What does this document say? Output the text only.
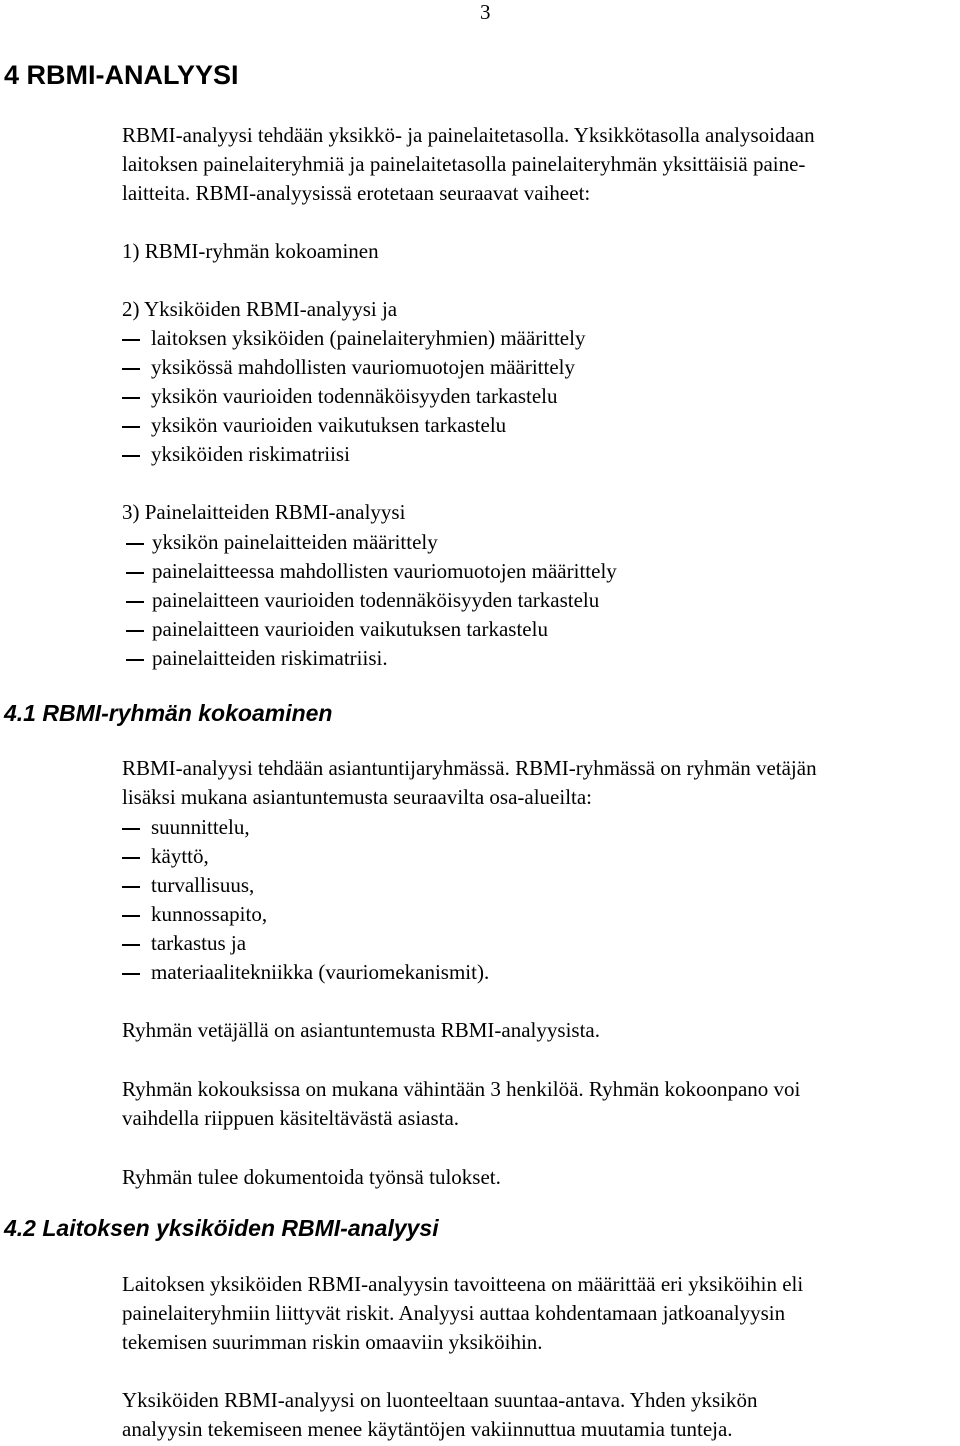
3
4 RBMI-ANALYYSI
RBMI-analyysi tehdään yksikkö- ja painelaitetasolla. Yksikkötasolla analysoidaan
laitoksen painelaiteryhmiä ja painelaitetasolla painelaiteryhmän yksittäisiä paine-
laitteita. RBMI-analyysissä erotetaan seuraavat vaiheet:
1) RBMI-ryhmän kokoaminen
2) Yksiköiden RBMI-analyysi ja
laitoksen yksiköiden (painelaiteryhmien) määrittely
yksikössä mahdollisten vauriomuotojen määrittely
yksikön vaurioiden todennäköisyyden tarkastelu
yksikön vaurioiden vaikutuksen tarkastelu
yksiköiden riskimatriisi
3) Painelaitteiden RBMI-analyysi
yksikön painelaitteiden määrittely
painelaitteessa mahdollisten vauriomuotojen määrittely
painelaitteen vaurioiden todennäköisyyden tarkastelu
painelaitteen vaurioiden vaikutuksen tarkastelu
painelaitteiden riskimatriisi.
4.1 RBMI-ryhmän kokoaminen
RBMI-analyysi tehdään asiantuntijaryhmässä. RBMI-ryhmässä on ryhmän vetäjän
lisäksi mukana asiantuntemusta seuraavilta osa-alueilta:
suunnittelu,
käyttö,
turvallisuus,
kunnossapito,
tarkastus ja
materiaalitekniikka (vauriomekanismit).
Ryhmän vetäjällä on asiantuntemusta RBMI-analyysista.
Ryhmän kokouksissa on mukana vähintään 3 henkilöä. Ryhmän kokoonpano voi
vaihdella riippuen käsiteltävästä asiasta.
Ryhmän tulee dokumentoida työnsä tulokset.
4.2 Laitoksen yksiköiden RBMI-analyysi
Laitoksen yksiköiden RBMI-analyysin tavoitteena on määrittää eri yksiköihin eli
painelaiteryhmiin liittyvät riskit. Analyysi auttaa kohdentamaan jatkoanalyysin
tekemisen suurimman riskin omaaviin yksiköihin.
Yksiköiden RBMI-analyysi on luonteeltaan suuntaa-antava. Yhden yksikön
analyysin tekemiseen menee käytäntöjen vakiinnuttua muutamia tunteja.
